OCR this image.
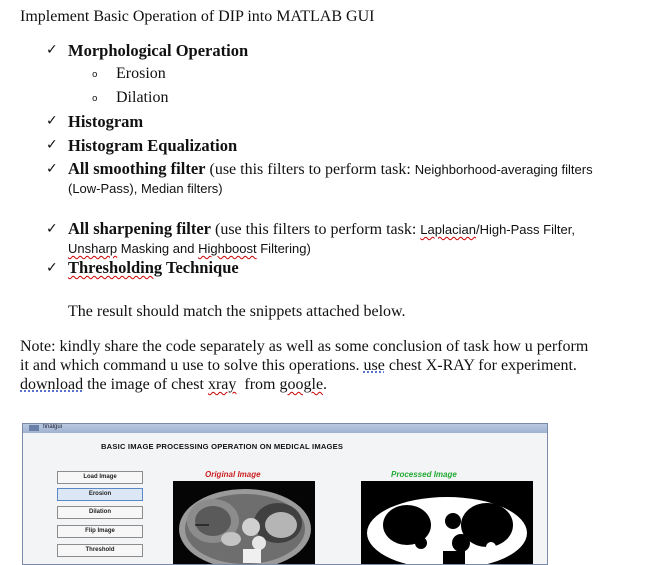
Implement Basic Operation of DIP into MATLAB GUI
✓ Morphological Operation
o Erosion
o Dilation
✓ Histogram
✓ Histogram Equalization
✓ All smoothing filter (use this filters to perform task: Neighborhood-averaging filters
(Low-Pass), Median filters)
✓ All sharpening filter (use this filters to perform task: Laplacian/High-Pass Filter,
Unsharp Masking and Highboost Filtering)
✓ Thresholding Technique
The result should match the snippets attached below.
Note: kindly share the code separately as well as some conclusion of task how u perform
it and which command u use to solve this operations. use chest X-RAY for experiment.
download the image of chest xray  from google.
finalgui
BASIC IMAGE PROCESSING OPERATION ON MEDICAL IMAGES
Load Image
Erosion
Dilation
Flip Image
Threshold
Original Image	Processed Image
